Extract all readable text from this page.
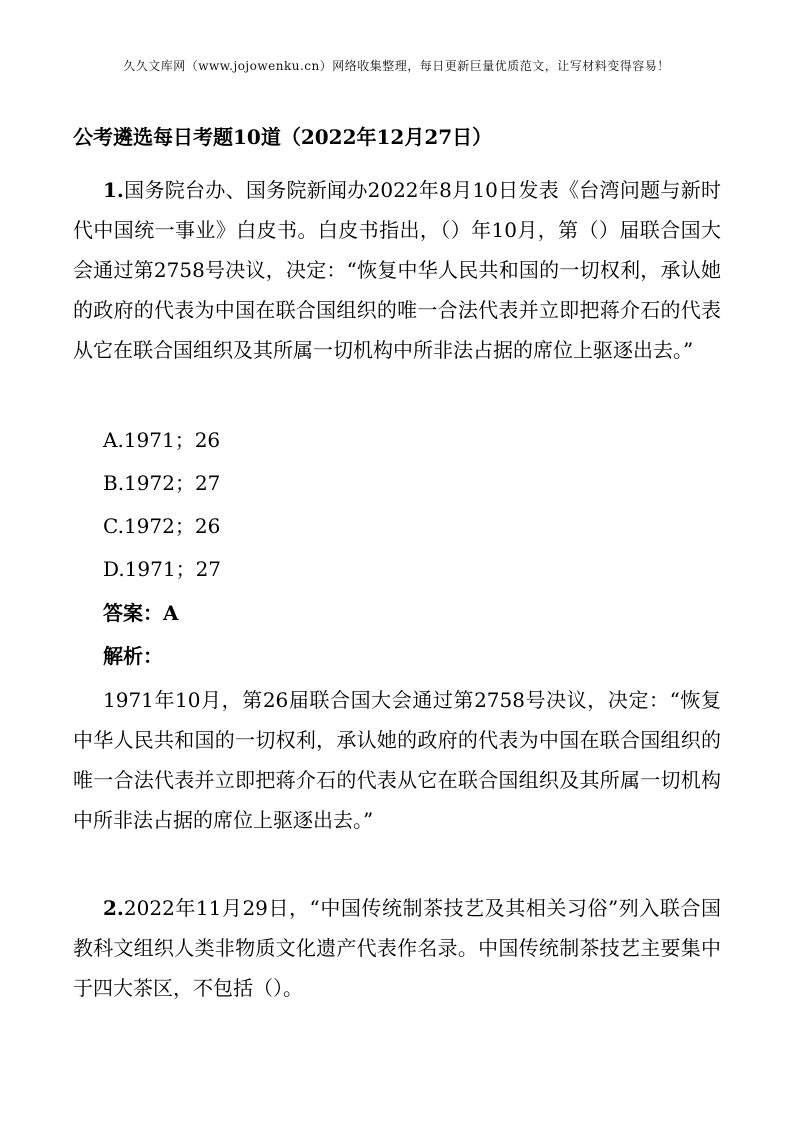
久久文库网（www.jojowenku.cn）网络收集整理，每日更新巨量优质范文，让写材料变得容易！
公考遴选每日考题10道（2022年12月27日）

1.国务院台办、国务院新闻办2022年8月10日发表《台湾问题与新时代中国统一事业》白皮书。白皮书指出，（）年10月，第（）届联合国大会通过第2758号决议，决定：“恢复中华人民共和国的一切权利，承认她的政府的代表为中国在联合国组织的唯一合法代表并立即把蒋介石的代表从它在联合国组织及其所属一切机构中所非法占据的席位上驱逐出去。”

A.1971；26
B.1972；27
C.1972；26
D.1971；27
答案：A
解析：

1971年10月，第26届联合国大会通过第2758号决议，决定：“恢复中华人民共和国的一切权利，承认她的政府的代表为中国在联合国组织的唯一合法代表并立即把蒋介石的代表从它在联合国组织及其所属一切机构中所非法占据的席位上驱逐出去。”

2.2022年11月29日，“中国传统制茶技艺及其相关习俗”列入联合国教科文组织人类非物质文化遗产代表作名录。中国传统制茶技艺主要集中于四大茶区，不包括（）。
